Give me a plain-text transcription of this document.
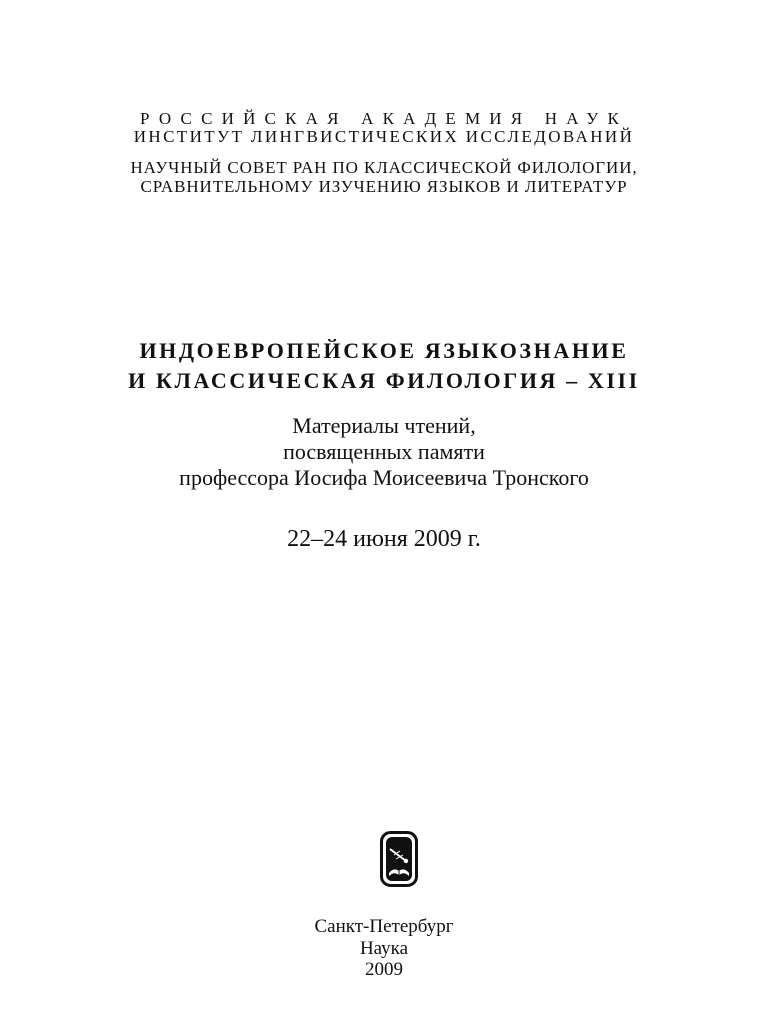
РОССИЙСКАЯ АКАДЕМИЯ НАУК
ИНСТИТУТ ЛИНГВИСТИЧЕСКИХ ИССЛЕДОВАНИЙ
НАУЧНЫЙ СОВЕТ РАН ПО КЛАССИЧЕСКОЙ ФИЛОЛОГИИ,
СРАВНИТЕЛЬНОМУ ИЗУЧЕНИЮ ЯЗЫКОВ И ЛИТЕРАТУР
ИНДОЕВРОПЕЙСКОЕ ЯЗЫКОЗНАНИЕ
И КЛАССИЧЕСКАЯ ФИЛОЛОГИЯ – XIII
Материалы чтений,
посвященных памяти
профессора Иосифа Моисеевича Тронского
22–24 июня 2009 г.
Санкт-Петербург
Наука
2009
